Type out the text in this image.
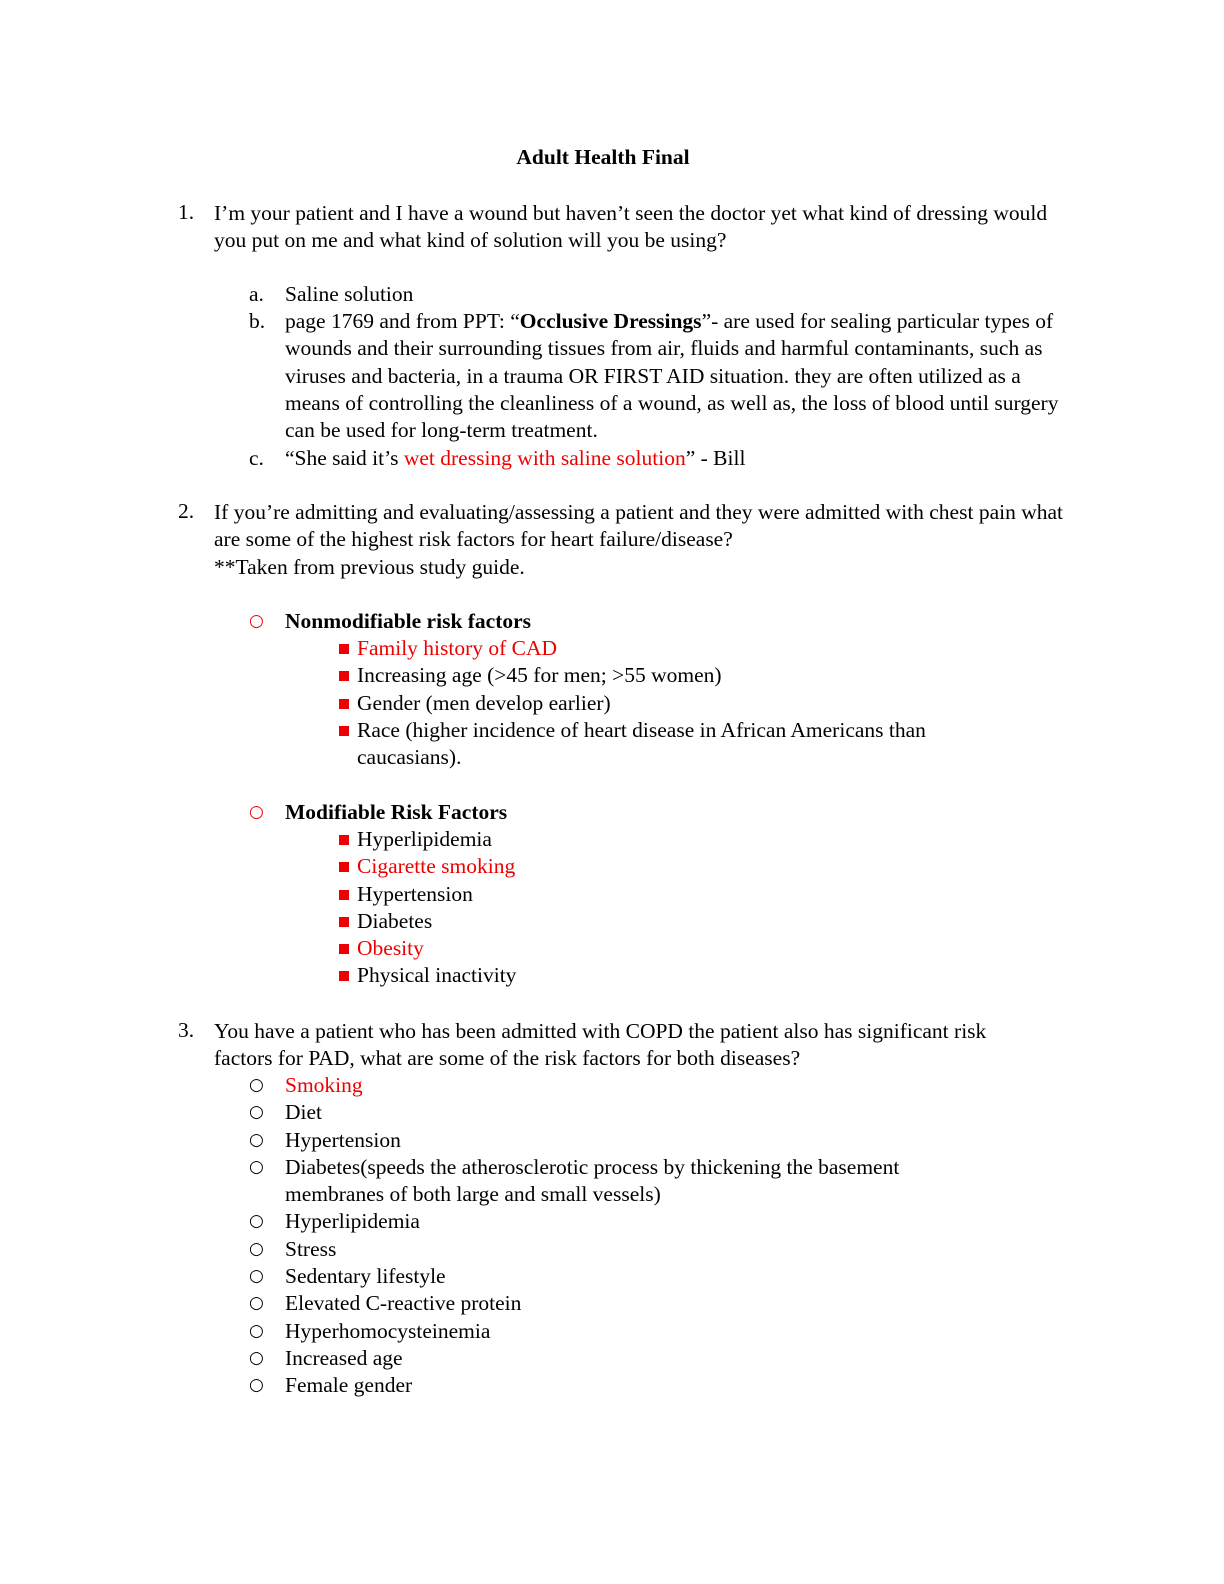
Adult Health Final
1. I’m your patient and I have a wound but haven’t seen the doctor yet what kind of dressing would you put on me and what kind of solution will you be using?
a. Saline solution
b. page 1769 and from PPT: “Occlusive Dressings”- are used for sealing particular types of wounds and their surrounding tissues from air, fluids and harmful contaminants, such as viruses and bacteria, in a trauma OR FIRST AID situation. they are often utilized as a means of controlling the cleanliness of a wound, as well as, the loss of blood until surgery can be used for long-term treatment.
c. “She said it’s wet dressing with saline solution” - Bill
2. If you’re admitting and evaluating/assessing a patient and they were admitted with chest pain what are some of the highest risk factors for heart failure/disease?
**Taken from previous study guide.
○ Nonmodifiable risk factors
Family history of CAD
Increasing age (>45 for men; >55 women)
Gender (men develop earlier)
Race (higher incidence of heart disease in African Americans than caucasians).
○ Modifiable Risk Factors
Hyperlipidemia
Cigarette smoking
Hypertension
Diabetes
Obesity
Physical inactivity
3. You have a patient who has been admitted with COPD the patient also has significant risk factors for PAD, what are some of the risk factors for both diseases?
○ Smoking
○ Diet
○ Hypertension
○ Diabetes(speeds the atherosclerotic process by thickening the basement membranes of both large and small vessels)
○ Hyperlipidemia
○ Stress
○ Sedentary lifestyle
○ Elevated C-reactive protein
○ Hyperhomocysteinemia
○ Increased age
○ Female gender
